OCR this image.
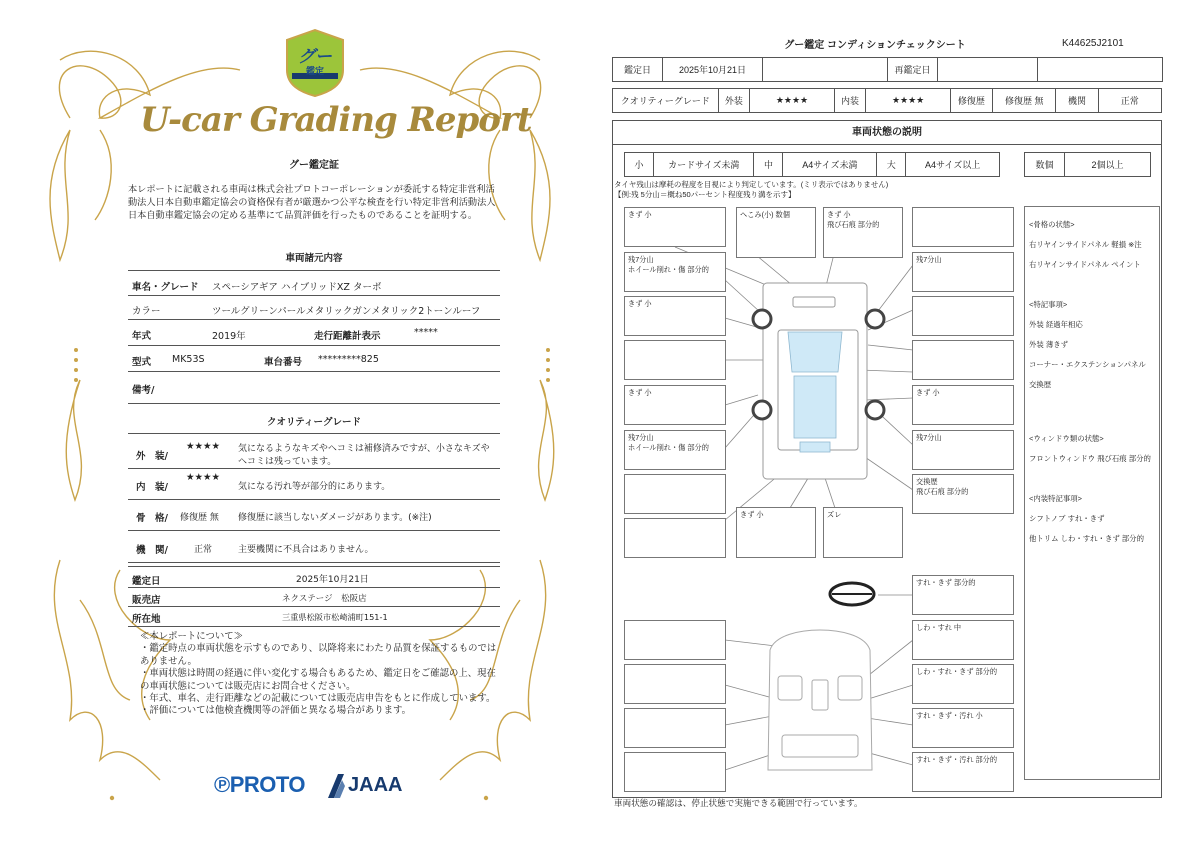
グー
鑑定
U-car Grading Report
グー鑑定証
本レポートに記載される車両は株式会社プロトコーポレーションが委託する特定非営利活動法人日本自動車鑑定協会の資格保有者が厳選かつ公平な検査を行い特定非営利活動法人日本自動車鑑定協会の定める基準にて品質評価を行ったものであることを証明する。
車両諸元内容
車名・グレード スペーシアギア ハイブリッドXZ ターボ
カラー	ツールグリーンパールメタリックガンメタリック2トーンルーフ
年式	2019年	走行距離計表示	*****
型式 MK53S	車台番号 *********825
備考/
クオリティーグレード
外　装/
★★★★ 気になるようなキズやヘコミは補修済みですが、小さなキズや
ヘコミは残っています。
内　装/
★★★★
気になる汚れ等が部分的にあります。
骨　格/ 修復歴 無 修復歴に該当しないダメージがあります。(※注)
機　関/	正常	主要機関に不具合はありません。
鑑定日	2025年10月21日
販売店	ネクステージ　松阪店
所在地	三重県松阪市松崎浦町151-1
≪本レポートについて≫
・鑑定時点の車両状態を示すものであり、以降将来にわたり品質を保証するものではありません。
・車両状態は時間の経過に伴い変化する場合もあるため、鑑定日をご確認の上、現在の車両状態については販売店にお問合せください。
・年式、車名、走行距離などの記載については販売店申告をもとに作成しています。
・評価については他検査機関等の評価と異なる場合があります。
℗PROTO JAAA
グー鑑定 コンディションチェックシート	K44625J2101
鑑定日	2025年10月21日		再鑑定日		
クオリティーグレード	外装	★★★★	内装	★★★★	修復歴	修復歴 無	機関	正常
車両状態の説明
小	カードサイズ未満	中	A4サイズ未満	大	A4サイズ以上	数個	2個以上
タイヤ残山は摩耗の程度を目視により判定しています。(ミリ表示ではありません)
【例:残 5分山＝概ね50パーセント程度残り溝を示す】
きず 小	へこみ(小) 数個	きず 小
飛び石痕 部分的
残7分山
ホイール削れ・傷 部分的
きず 小
きず 小
残7分山
ホイール削れ・傷 部分的
残7分山
きず 小
残7分山
交換歴
飛び石痕 部分的
きず 小	ズレ
すれ・きず 部分的
しわ・すれ 中
しわ・すれ・きず 部分的
すれ・きず・汚れ 小
すれ・きず・汚れ 部分的

<骨格の状態>

右リヤインサイドパネル 軽損 ※注

右リヤインサイドパネル ペイント

<特記事項>

外装 経過年相応

外装 薄きず

コーナー・エクステンションパネル

交換歴

<ウィンドウ類の状態>

フロントウィンドウ 飛び石痕 部分的

<内装特記事項>

シフトノブ すれ・きず

他トリム しわ・すれ・きず 部分的

車両状態の確認は、停止状態で実施できる範囲で行っています。
